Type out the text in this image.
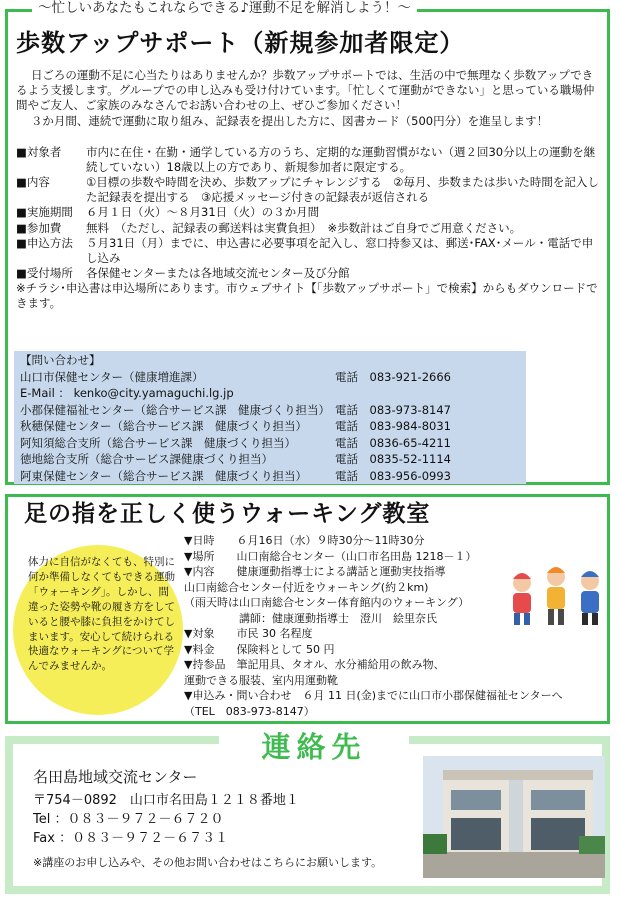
〜忙しいあなたもこれならできる♪運動不足を解消しよう！〜
歩数アップサポート（新規参加者限定）
日ごろの運動不足に心当たりはありませんか？歩数アップサポートでは、生活の中で無理なく歩数アップできるよう支援します。グループでの申し込みも受け付けています。「忙しくて運動ができない」と思っている職場仲間やご友人、ご家族のみなさんでお誘い合わせの上、ぜひご参加ください！
３か月間、連続で運動に取り組み、記録表を提出した方に、図書カード（500円分）を進呈します！
■対象者	市内に在住・在勤・通学している方のうち、定期的な運動習慣がない（週２回30分以上の運動を継続していない）18歳以上の方であり、新規参加者に限定する。
■内容	①目標の歩数や時間を決め、歩数アップにチャレンジする　②毎月、歩数または歩いた時間を記入した記録表を提出する　③応援メッセージ付きの記録表が返信される
■実施期間	６月１日（火）～８月31日（火）の３か月間
■参加費	無料　（ただし、記録表の郵送料は実費負担）　※歩数計はご自身でご用意ください。
■申込方法	５月31日（月）までに、申込書に必要事項を記入し、窓口持参又は、郵送･FAX･メール・電話で申し込み
■受付場所	各保健センターまたは各地域交流センター及び分館
※チラシ･申込書は申込場所にあります。市ウェブサイト【「歩数アップサポート」で検索】からもダウンロードできます。
【問い合わせ】
山口市保健センター（健康増進課）	電話　083-921-2666
E-Mail ： kenko@city.yamaguchi.lg.jp
小郡保健福祉センター（総合サービス課　健康づくり担当） 電話　083-973-8147
秋穂保健センター（総合サービス課　健康づくり担当）	電話　083-984-8031
阿知須総合支所（総合サービス課　健康づくり担当）	電話　0836-65-4211
徳地総合支所（総合サービス課健康づくり担当）	電話　0835-52-1114
阿東保健センター（総合サービス課　健康づくり担当）	電話　083-956-0993
足の指を正しく使うウォーキング教室
体力に自信がなくても、特別に何か準備しなくてもできる運動「ウォーキング」。しかし、間違った姿勢や靴の履き方をしていると腰や膝に負担をかけてしまいます。安心して続けられる快適なウォーキングについて学んでみませんか。
▼日時　　６月16日（水）９時30分～11時30分
▼場所　　山口南総合センター（山口市名田島 1218－１）
▼内容　　健康運動指導士による講話と運動実技指導
山口南総合センター付近をウォーキング(約２km)
（雨天時は山口南総合センター体育館内のウォーキング）
　　　　　講師：健康運動指導士　澄川　絵里奈氏
▼対象　　市民 30 名程度
▼料金　　保険料として 50 円
▼持参品　筆記用具、タオル、水分補給用の飲み物、
運動できる服装、室内用運動靴
▼申込み・問い合わせ　６月 11 日(金)までに山口市小郡保健福祉センターへ
（TEL　083-973-8147）
連絡先
名田島地域交流センター
〒754－0892　山口市名田島１２１８番地１
Tel ：０８３－９７２－６７２０
Fax ：０８３－９７２－６７３１
※講座のお申し込みや、その他お問い合わせはこちらにお願いします。
